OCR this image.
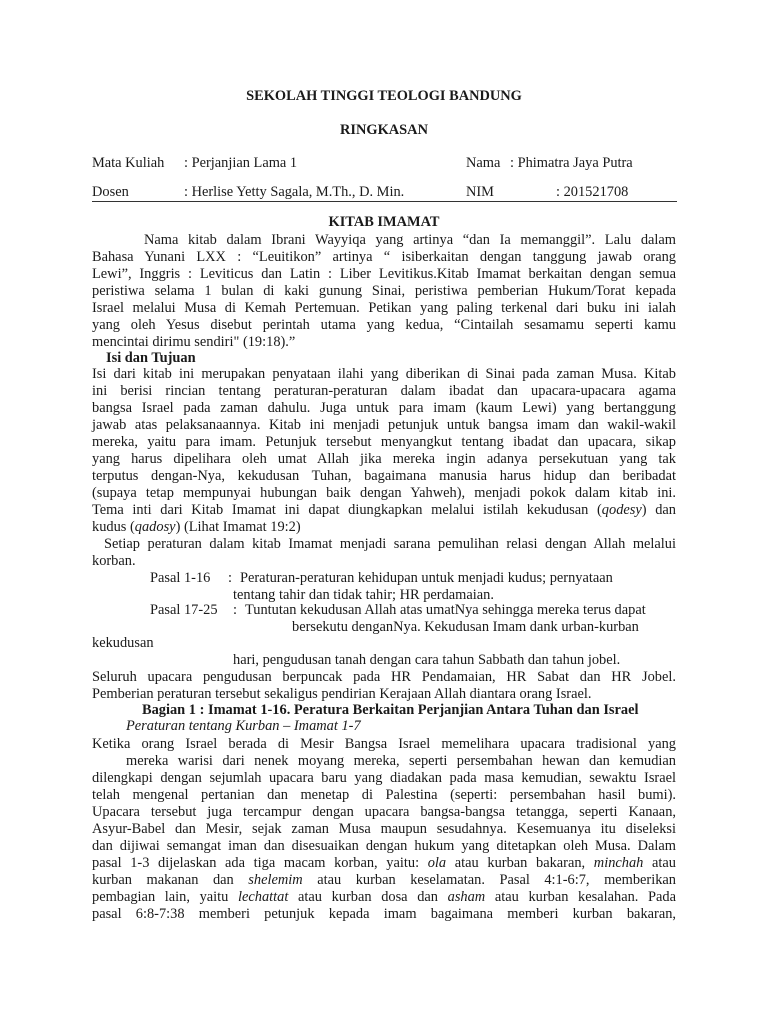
SEKOLAH TINGGI TEOLOGI BANDUNG
RINGKASAN
Mata Kuliah : Perjanjian Lama 1	Nama : Phimatra Jaya Putra
Dosen	: Herlise Yetty Sagala, M.Th., D. Min.	NIM	: 201521708
KITAB IMAMAT
Nama kitab dalam Ibrani Wayyiqa yang artinya “dan Ia memanggil”. Lalu dalam
Bahasa Yunani LXX : “Leuitikon” artinya “ isiberkaitan dengan tanggung jawab orang
Lewi”, Inggris : Leviticus dan Latin : Liber Levitikus.Kitab Imamat berkaitan dengan semua
peristiwa selama 1 bulan di kaki gunung Sinai, peristiwa pemberian Hukum/Torat kepada
Israel melalui Musa di Kemah Pertemuan. Petikan yang paling terkenal dari buku ini ialah
yang oleh Yesus disebut perintah utama yang kedua, “Cintailah sesamamu seperti kamu
mencintai dirimu sendiri" (19:18).”
Isi dan Tujuan
Isi dari kitab ini merupakan penyataan ilahi yang diberikan di Sinai pada zaman Musa. Kitab
ini berisi rincian tentang peraturan-peraturan dalam ibadat dan upacara-upacara agama
bangsa Israel pada zaman dahulu. Juga untuk para imam (kaum Lewi) yang bertanggung
jawab atas pelaksanaannya. Kitab ini menjadi petunjuk untuk bangsa imam dan wakil-wakil
mereka, yaitu para imam. Petunjuk tersebut menyangkut tentang ibadat dan upacara, sikap
yang harus dipelihara oleh umat Allah jika mereka ingin adanya persekutuan yang tak
terputus dengan-Nya, kekudusan Tuhan, bagaimana manusia harus hidup dan beribadat
(supaya tetap mempunyai hubungan baik dengan Yahweh), menjadi pokok dalam kitab ini.
Tema inti dari Kitab Imamat ini dapat diungkapkan melalui istilah kekudusan (qodesy) dan
kudus (qadosy) (Lihat Imamat 19:2)
Setiap peraturan dalam kitab Imamat menjadi sarana pemulihan relasi dengan Allah melalui
korban.
Pasal 1-16 : Peraturan-peraturan kehidupan untuk menjadi kudus; pernyataan
tentang tahir dan tidak tahir; HR perdamaian.
Pasal 17-25 : Tuntutan kekudusan Allah atas umatNya sehingga mereka terus dapat
bersekutu denganNya. Kekudusan Imam dank urban-kurban
kekudusan
hari, pengudusan tanah dengan cara tahun Sabbath dan tahun jobel.
Seluruh upacara pengudusan berpuncak pada HR Pendamaian, HR Sabat dan HR Jobel.
Pemberian peraturan tersebut sekaligus pendirian Kerajaan Allah diantara orang Israel.
Bagian 1 : Imamat 1-16. Peratura Berkaitan Perjanjian Antara Tuhan dan Israel
Peraturan tentang Kurban – Imamat 1-7
Ketika orang Israel berada di Mesir Bangsa Israel memelihara upacara tradisional yang
mereka warisi dari nenek moyang mereka, seperti persembahan hewan dan kemudian
dilengkapi dengan sejumlah upacara baru yang diadakan pada masa kemudian, sewaktu Israel
telah mengenal pertanian dan menetap di Palestina (seperti: persembahan hasil bumi).
Upacara tersebut juga tercampur dengan upacara bangsa-bangsa tetangga, seperti Kanaan,
Asyur-Babel dan Mesir, sejak zaman Musa maupun sesudahnya. Kesemuanya itu diseleksi
dan dijiwai semangat iman dan disesuaikan dengan hukum yang ditetapkan oleh Musa. Dalam
pasal 1-3 dijelaskan ada tiga macam korban, yaitu: ola atau kurban bakaran, minchah atau
kurban makanan dan shelemim atau kurban keselamatan. Pasal 4:1-6:7, memberikan
pembagian lain, yaitu lechattat atau kurban dosa dan asham atau kurban kesalahan. Pada
pasal 6:8-7:38 memberi petunjuk kepada imam bagaimana memberi kurban bakaran,
